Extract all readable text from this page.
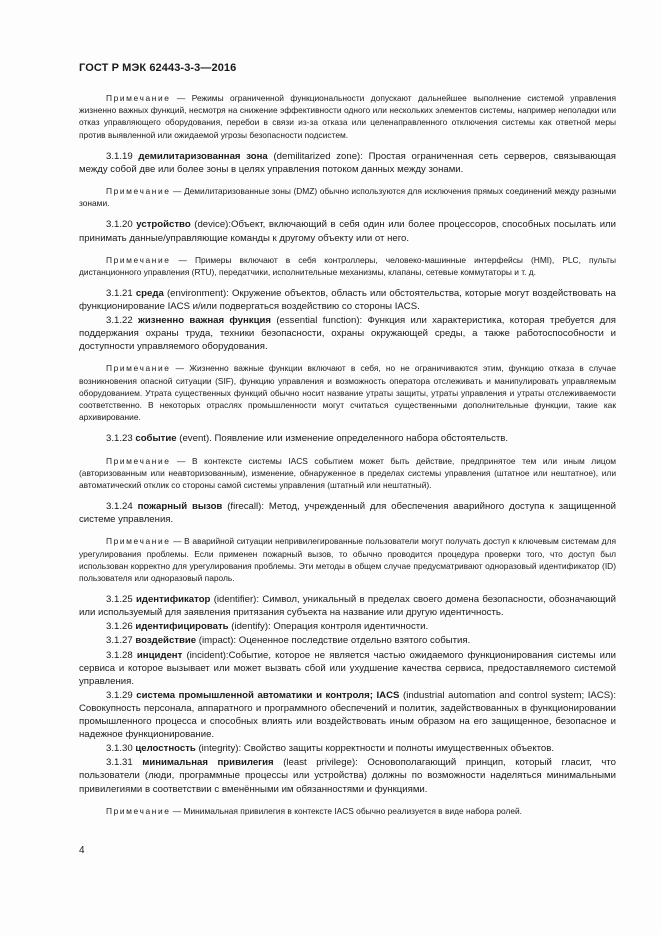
ГОСТ Р МЭК 62443-3-3—2016

Примечание — Режимы ограниченной функциональности допускают дальнейшее выполнение системой управления жизненно важных функций, несмотря на снижение эффективности одного или нескольких элементов системы, например неполадки или отказ управляющего оборудования, перебои в связи из-за отказа или целенаправленного отключения системы как ответной меры против выявленной или ожидаемой угрозы безопасности подсистем.

3.1.19 демилитаризованная зона (demilitarized zone): Простая ограниченная сеть серверов, связывающая между собой две или более зоны в целях управления потоком данных между зонами.

Примечание — Демилитаризованные зоны (DMZ) обычно используются для исключения прямых соединений между разными зонами.

3.1.20 устройство (device):Объект, включающий в себя один или более процессоров, способных посылать или принимать данные/управляющие команды к другому объекту или от него.

Примечание — Примеры включают в себя контроллеры, человеко-машинные интерфейсы (HMI), PLC, пульты дистанционного управления (RTU), передатчики, исполнительные механизмы, клапаны, сетевые коммутаторы и т. д.

3.1.21 среда (environment): Окружение объектов, область или обстоятельства, которые могут воздействовать на функционирование IACS и/или подвергаться воздействию со стороны IACS.

3.1.22 жизненно важная функция (essential function): Функция или характеристика, которая требуется для поддержания охраны труда, техники безопасности, охраны окружающей среды, а также работоспособности и доступности управляемого оборудования.

Примечание — Жизненно важные функции включают в себя, но не ограничиваются этим, функцию отказа в случае возникновения опасной ситуации (SIF), функцию управления и возможность оператора отслеживать и манипулировать управляемым оборудованием. Утрата существенных функций обычно носит название утраты защиты, утраты управления и утраты отслеживаемости соответственно. В некоторых отраслях промышленности могут считаться существенными дополнительные функции, такие как архивирование.

3.1.23 событие (event). Появление или изменение определенного набора обстоятельств.

Примечание — В контексте системы IACS событием может быть действие, предпринятое тем или иным лицом (авторизованным или неавторизованным), изменение, обнаруженное в пределах системы управления (штатное или нештатное), или автоматический отклик со стороны самой системы управления (штатный или нештатный).

3.1.24 пожарный вызов (firecall): Метод, учрежденный для обеспечения аварийного доступа к защищенной системе управления.

Примечание — В аварийной ситуации непривилегированные пользователи могут получать доступ к ключевым системам для урегулирования проблемы. Если применен пожарный вызов, то обычно проводится процедура проверки того, что доступ был использован корректно для урегулирования проблемы. Эти методы в общем случае предусматривают одноразовый идентификатор (ID) пользователя или одноразовый пароль.

3.1.25 идентификатор (identifier): Символ, уникальный в пределах своего домена безопасности, обозначающий или используемый для заявления притязания субъекта на название или другую идентичность.

3.1.26 идентифицировать (identify): Операция контроля идентичности.

3.1.27 воздействие (impact): Оцененное последствие отдельно взятого события.

3.1.28 инцидент (incident):Событие, которое не является частью ожидаемого функционирования системы или сервиса и которое вызывает или может вызвать сбой или ухудшение качества сервиса, предоставляемого системой управления.

3.1.29 система промышленной автоматики и контроля; IACS (industrial automation and control system; IACS): Совокупность персонала, аппаратного и программного обеспечений и политик, задействованных в функционировании промышленного процесса и способных влиять или воздействовать иным образом на его защищенное, безопасное и надежное функционирование.

3.1.30 целостность (integrity): Свойство защиты корректности и полноты имущественных объектов.

3.1.31 минимальная привилегия (least privilege): Основополагающий принцип, который гласит, что пользователи (люди, программные процессы или устройства) должны по возможности наделяться минимальными привилегиями в соответствии с вменёнными им обязанностями и функциями.

Примечание — Минимальная привилегия в контексте IACS обычно реализуется в виде набора ролей.

4
